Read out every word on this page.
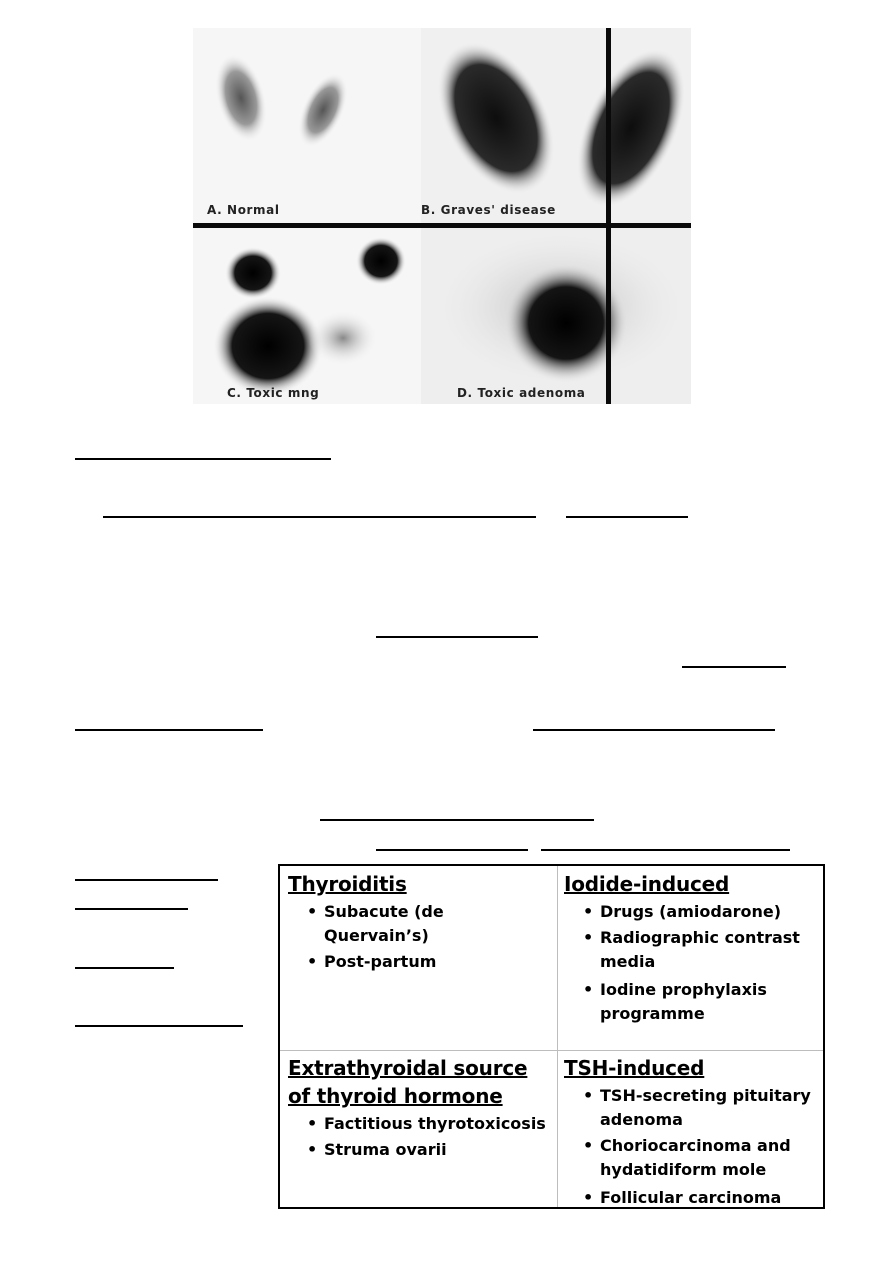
A. Normal	B. Graves' disease
C. Toxic mng	D. Toxic adenoma
Thyroiditis
• Subacute (de Quervain’s)
• Post-partum
Iodide-induced
• Drugs (amiodarone)
• Radiographic contrast media
• Iodine prophylaxis programme
Extrathyroidal source of thyroid hormone
• Factitious thyrotoxicosis
• Struma ovarii
TSH-induced
• TSH-secreting pituitary adenoma
• Choriocarcinoma and hydatidiform mole
• Follicular carcinoma
